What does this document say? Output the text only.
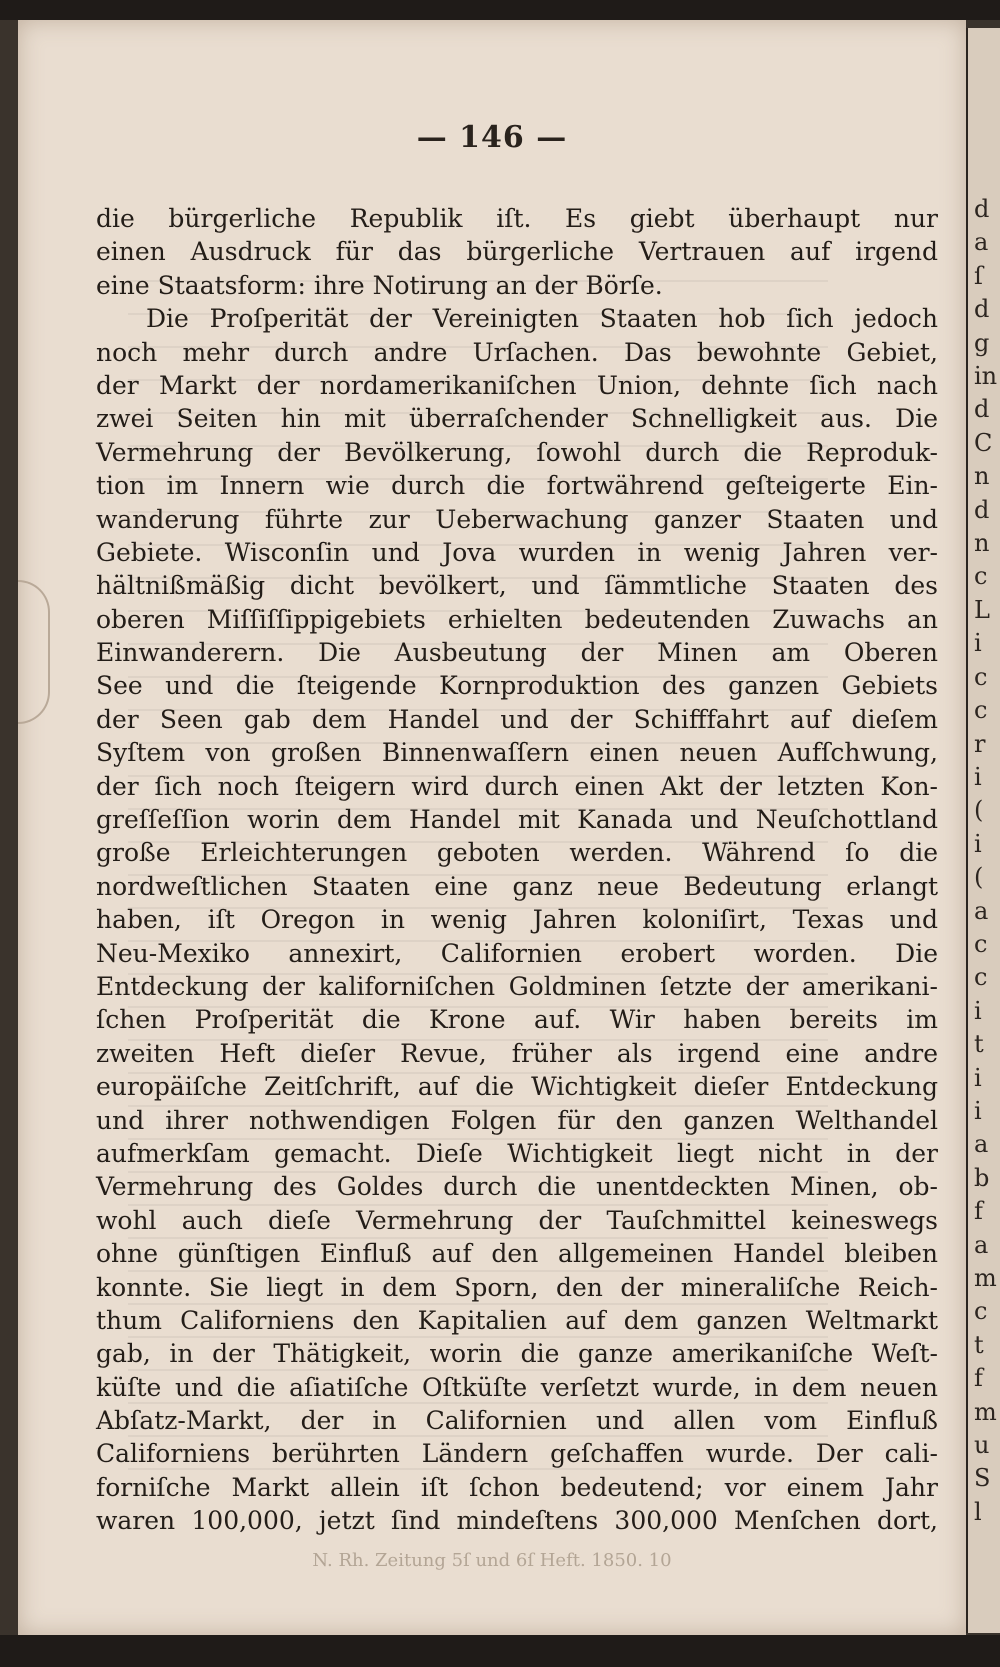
— 146 —
die bürgerliche Republik iſt. Es giebt überhaupt nur
einen Ausdruck für das bürgerliche Vertrauen auf irgend
eine Staatsform: ihre Notirung an der Börſe.
Die Proſperität der Vereinigten Staaten hob ſich jedoch
noch mehr durch andre Urſachen. Das bewohnte Gebiet,
der Markt der nordamerikaniſchen Union, dehnte ſich nach
zwei Seiten hin mit überraſchender Schnelligkeit aus. Die
Vermehrung der Bevölkerung, ſowohl durch die Reproduk-
tion im Innern wie durch die fortwährend geſteigerte Ein-
wanderung führte zur Ueberwachung ganzer Staaten und
Gebiete. Wisconſin und Jova wurden in wenig Jahren ver-
hältnißmäßig dicht bevölkert, und ſämmtliche Staaten des
oberen Miſſiſſippigebiets erhielten bedeutenden Zuwachs an
Einwanderern. Die Ausbeutung der Minen am Oberen
See und die ſteigende Kornproduktion des ganzen Gebiets
der Seen gab dem Handel und der Schifffahrt auf dieſem
Syſtem von großen Binnenwaſſern einen neuen Aufſchwung,
der ſich noch ſteigern wird durch einen Akt der letzten Kon-
greſſeſſion worin dem Handel mit Kanada und Neuſchottland
große Erleichterungen geboten werden. Während ſo die
nordweſtlichen Staaten eine ganz neue Bedeutung erlangt
haben, iſt Oregon in wenig Jahren koloniſirt, Texas und
Neu-Mexiko annexirt, Californien erobert worden. Die
Entdeckung der kaliforniſchen Goldminen ſetzte der amerikani-
ſchen Proſperität die Krone auf. Wir haben bereits im
zweiten Heft dieſer Revue, früher als irgend eine andre
europäiſche Zeitſchrift, auf die Wichtigkeit dieſer Entdeckung
und ihrer nothwendigen Folgen für den ganzen Welthandel
aufmerkſam gemacht. Dieſe Wichtigkeit liegt nicht in der
Vermehrung des Goldes durch die unentdeckten Minen, ob-
wohl auch dieſe Vermehrung der Tauſchmittel keineswegs
ohne günſtigen Einfluß auf den allgemeinen Handel bleiben
konnte. Sie liegt in dem Sporn, den der mineraliſche Reich-
thum Californiens den Kapitalien auf dem ganzen Weltmarkt
gab, in der Thätigkeit, worin die ganze amerikaniſche Weſt-
küſte und die aſiatiſche Oſtküſte verſetzt wurde, in dem neuen
Abſatz-Markt, der in Californien und allen vom Einfluß
Californiens berührten Ländern geſchaffen wurde. Der cali-
forniſche Markt allein iſt ſchon bedeutend; vor einem Jahr
waren 100,000, jetzt ſind mindeſtens 300,000 Menſchen dort,
N. Rh. Zeitung 5ſ und 6ſ Heft. 1850. 10
d
a
ſ
d
g
in
d
C
n
d
n
c
L
i
c
c
r
i
(
i
(
a
c
c
i
t
i
i
a
b
f
a
m
c
t
f
m
u
S
l
